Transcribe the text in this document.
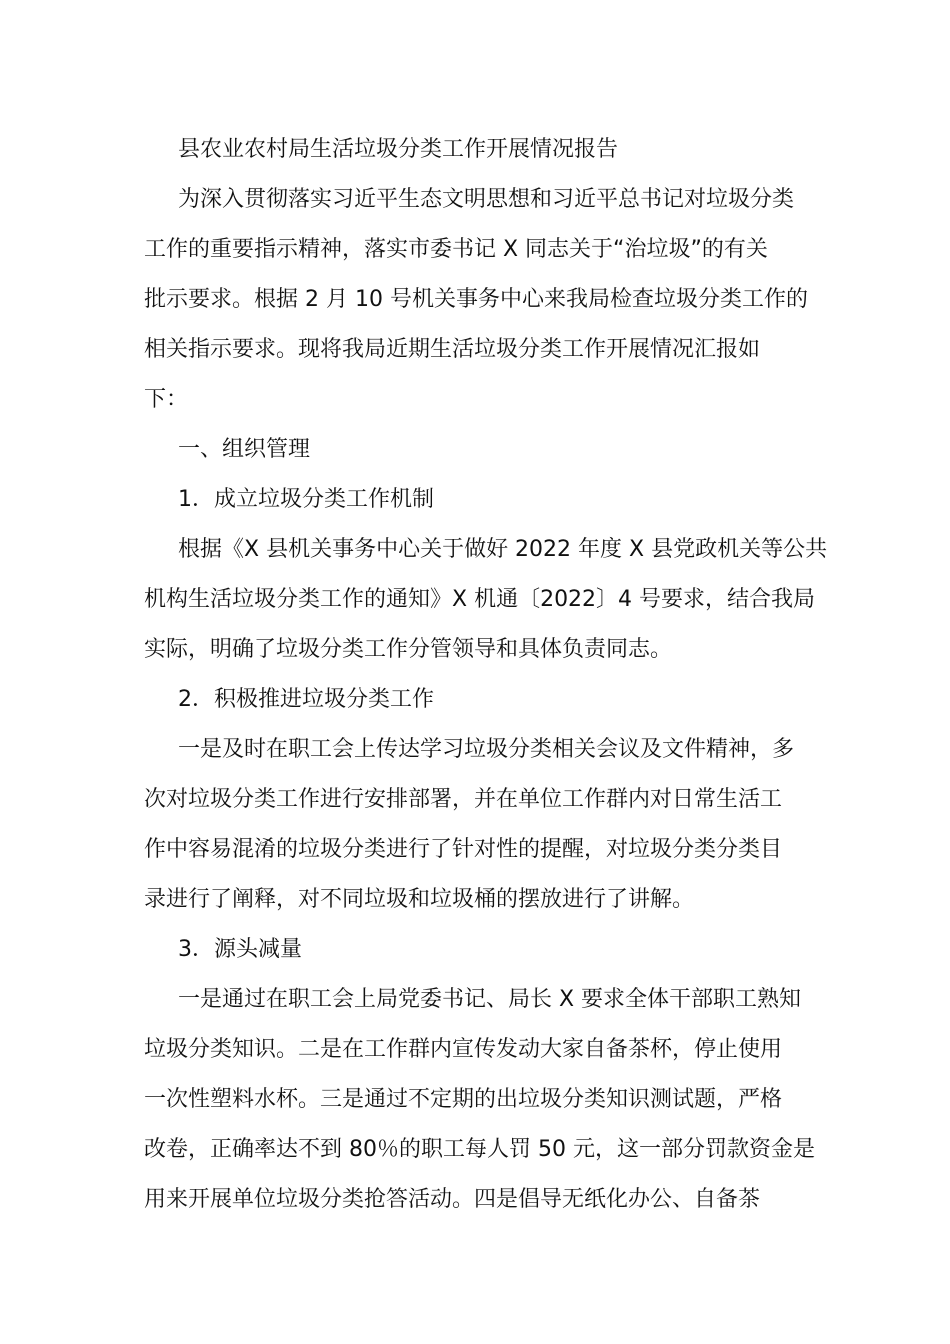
县农业农村局生活垃圾分类工作开展情况报告
为深入贯彻落实习近平生态文明思想和习近平总书记对垃圾分类
工作的重要指示精神，落实市委书记 X 同志关于“治垃圾”的有关
批示要求。根据 2 月 10 号机关事务中心来我局检查垃圾分类工作的
相关指示要求。现将我局近期生活垃圾分类工作开展情况汇报如
下：
一、组织管理
1．成立垃圾分类工作机制
根据《X 县机关事务中心关于做好 2022 年度 X 县党政机关等公共
机构生活垃圾分类工作的通知》X 机通〔2022〕4 号要求，结合我局
实际，明确了垃圾分类工作分管领导和具体负责同志。
2．积极推进垃圾分类工作
一是及时在职工会上传达学习垃圾分类相关会议及文件精神，多
次对垃圾分类工作进行安排部署，并在单位工作群内对日常生活工
作中容易混淆的垃圾分类进行了针对性的提醒，对垃圾分类分类目
录进行了阐释，对不同垃圾和垃圾桶的摆放进行了讲解。
3．源头减量
一是通过在职工会上局党委书记、局长 X 要求全体干部职工熟知
垃圾分类知识。二是在工作群内宣传发动大家自备茶杯，停止使用
一次性塑料水杯。三是通过不定期的出垃圾分类知识测试题，严格
改卷，正确率达不到 80％的职工每人罚 50 元，这一部分罚款资金是
用来开展单位垃圾分类抢答活动。四是倡导无纸化办公、自备茶
